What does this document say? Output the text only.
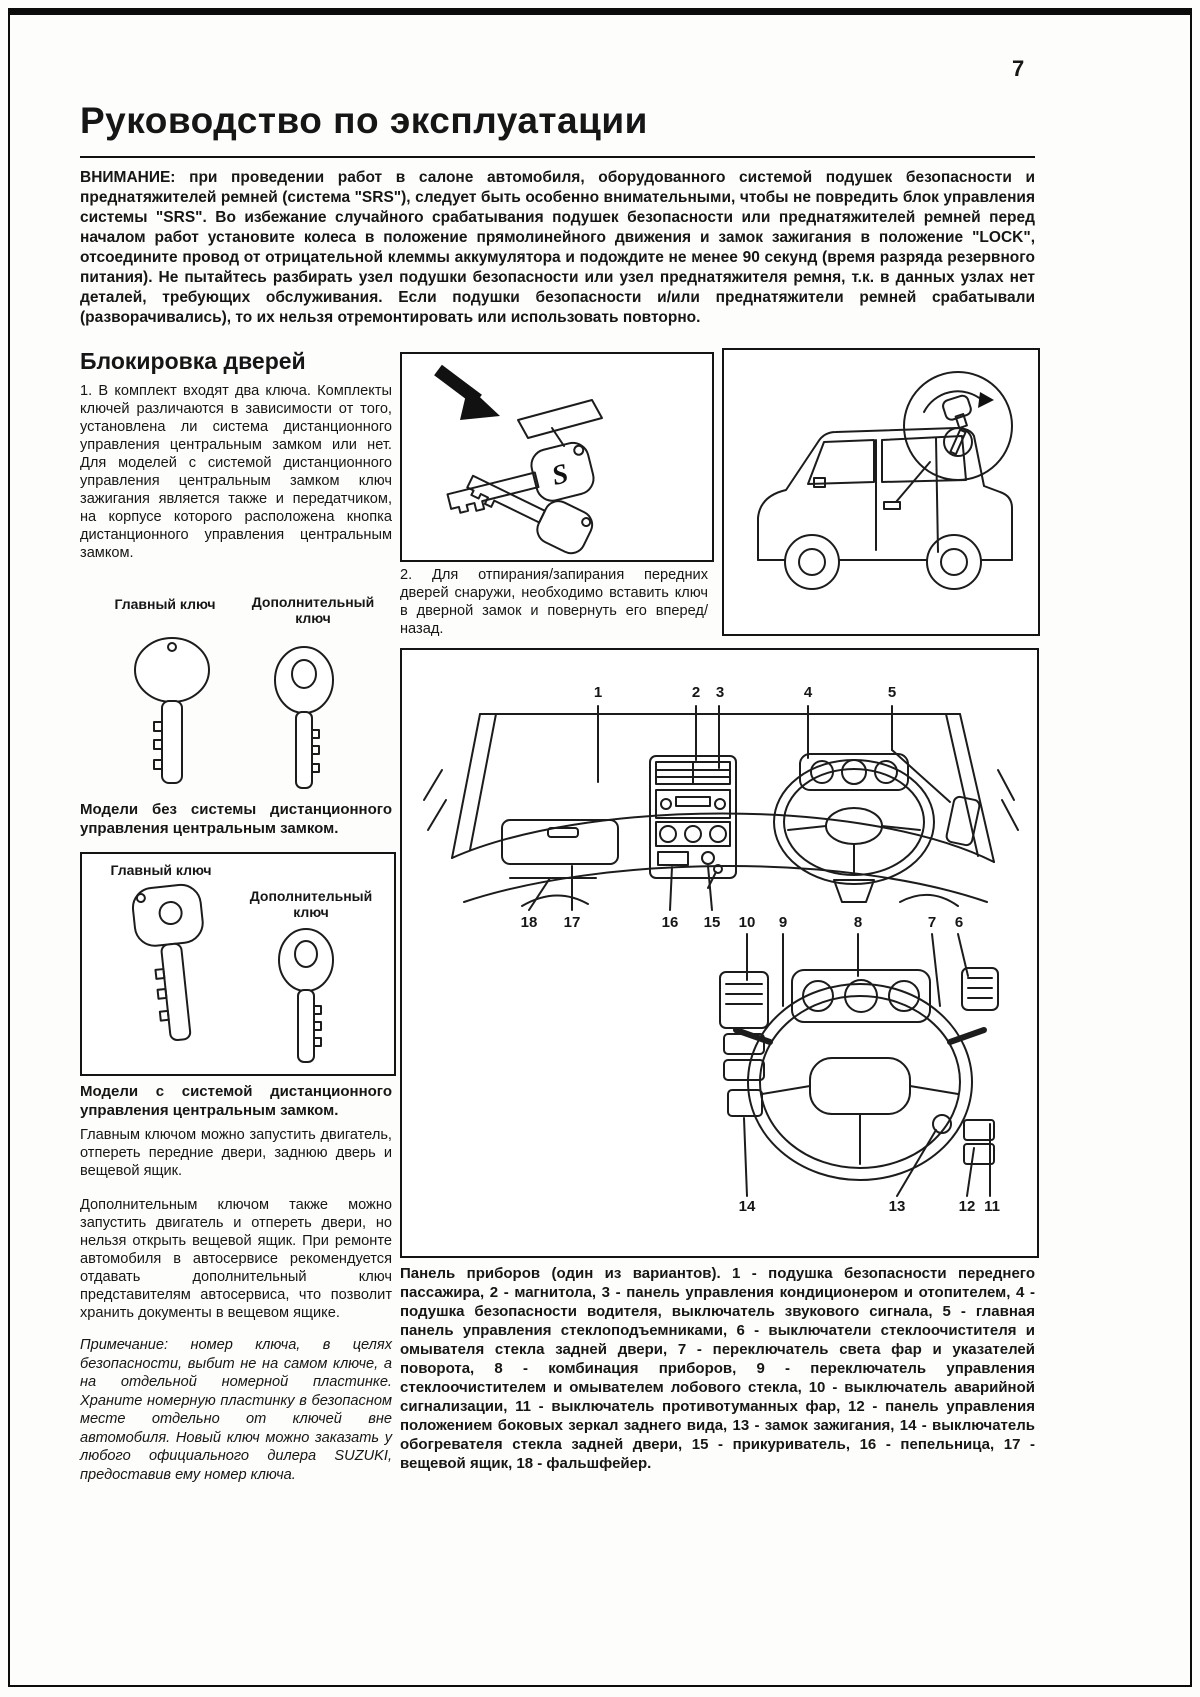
7
Руководство по эксплуатации

ВНИМАНИЕ: при проведении работ в салоне автомобиля, оборудованного системой подушек безопасности и преднатяжителей ремней (система "SRS"), следует быть особенно внимательными, чтобы не повредить блок управления системы "SRS". Во избежание случайного срабатывания подушек безопасности или преднатяжителей ремней перед началом работ установите колеса в положение прямолинейного движения и замок зажигания в положение "LOCK", отсоедините провод от отрицательной клеммы аккумулятора и подождите не менее 90 секунд (время разряда резервного питания). Не пытайтесь разбирать узел подушки безопасности или узел преднатяжителя ремня, т.к. в данных узлах нет деталей, требующих обслуживания. Если подушки безопасности и/или преднатяжители ремней срабатывали (разворачивались), то их нельзя отремонтировать или использовать повторно.

Блокировка дверей

1. В комплект входят два ключа. Комплекты ключей различаются в зависимости от того, установлена ли система дистанционного управления центральным замком или нет. Для моделей с системой дистанционного управления центральным замком ключ зажигания является также и передатчиком, на корпусе которого расположена кнопка дистанционного управления центральным замком.

S

2. Для отпирания/запирания передних дверей снаружи, необходимо вставить ключ в дверной замок и повернуть его вперед/назад.

Главный ключ	Дополнительный ключ

Модели без системы дистанционного управления центральным замком.

Главный ключ
Дополнительный ключ

Модели с системой дистанционного управления центральным замком.

Главным ключом можно запустить двигатель, отпереть передние двери, заднюю дверь и вещевой ящик.

Дополнительным ключом также можно запустить двигатель и отпереть двери, но нельзя открыть вещевой ящик. При ремонте автомобиля в автосервисе рекомендуется отдавать дополнительный ключ представителям автосервиса, что позволит хранить документы в вещевом ящике.

Примечание: номер ключа, в целях безопасности, выбит не на самом ключе, а на отдельной номерной пластинке. Храните номерную пластинку в безопасном месте отдельно от ключей вне автомобиля. Новый ключ можно заказать у любого официального дилера SUZUKI, предоставив ему номер ключа.

1	2 3	4	5
18 17	16 15 10 9	8	7 6
14	13	12 11

Панель приборов (один из вариантов). 1 - подушка безопасности переднего пассажира, 2 - магнитола, 3 - панель управления кондиционером и отопителем, 4 - подушка безопасности водителя, выключатель звукового сигнала, 5 - главная панель управления стеклоподъемниками, 6 - выключатели стеклоочистителя и омывателя стекла задней двери, 7 - переключатель света фар и указателей поворота, 8 - комбинация приборов, 9 - переключатель управления стеклоочистителем и омывателем лобового стекла, 10 - выключатель аварийной сигнализации, 11 - выключатель противотуманных фар, 12 - панель управления положением боковых зеркал заднего вида, 13 - замок зажигания, 14 - выключатель обогревателя стекла задней двери, 15 - прикуриватель, 16 - пепельница, 17 - вещевой ящик, 18 - фальшфейер.
